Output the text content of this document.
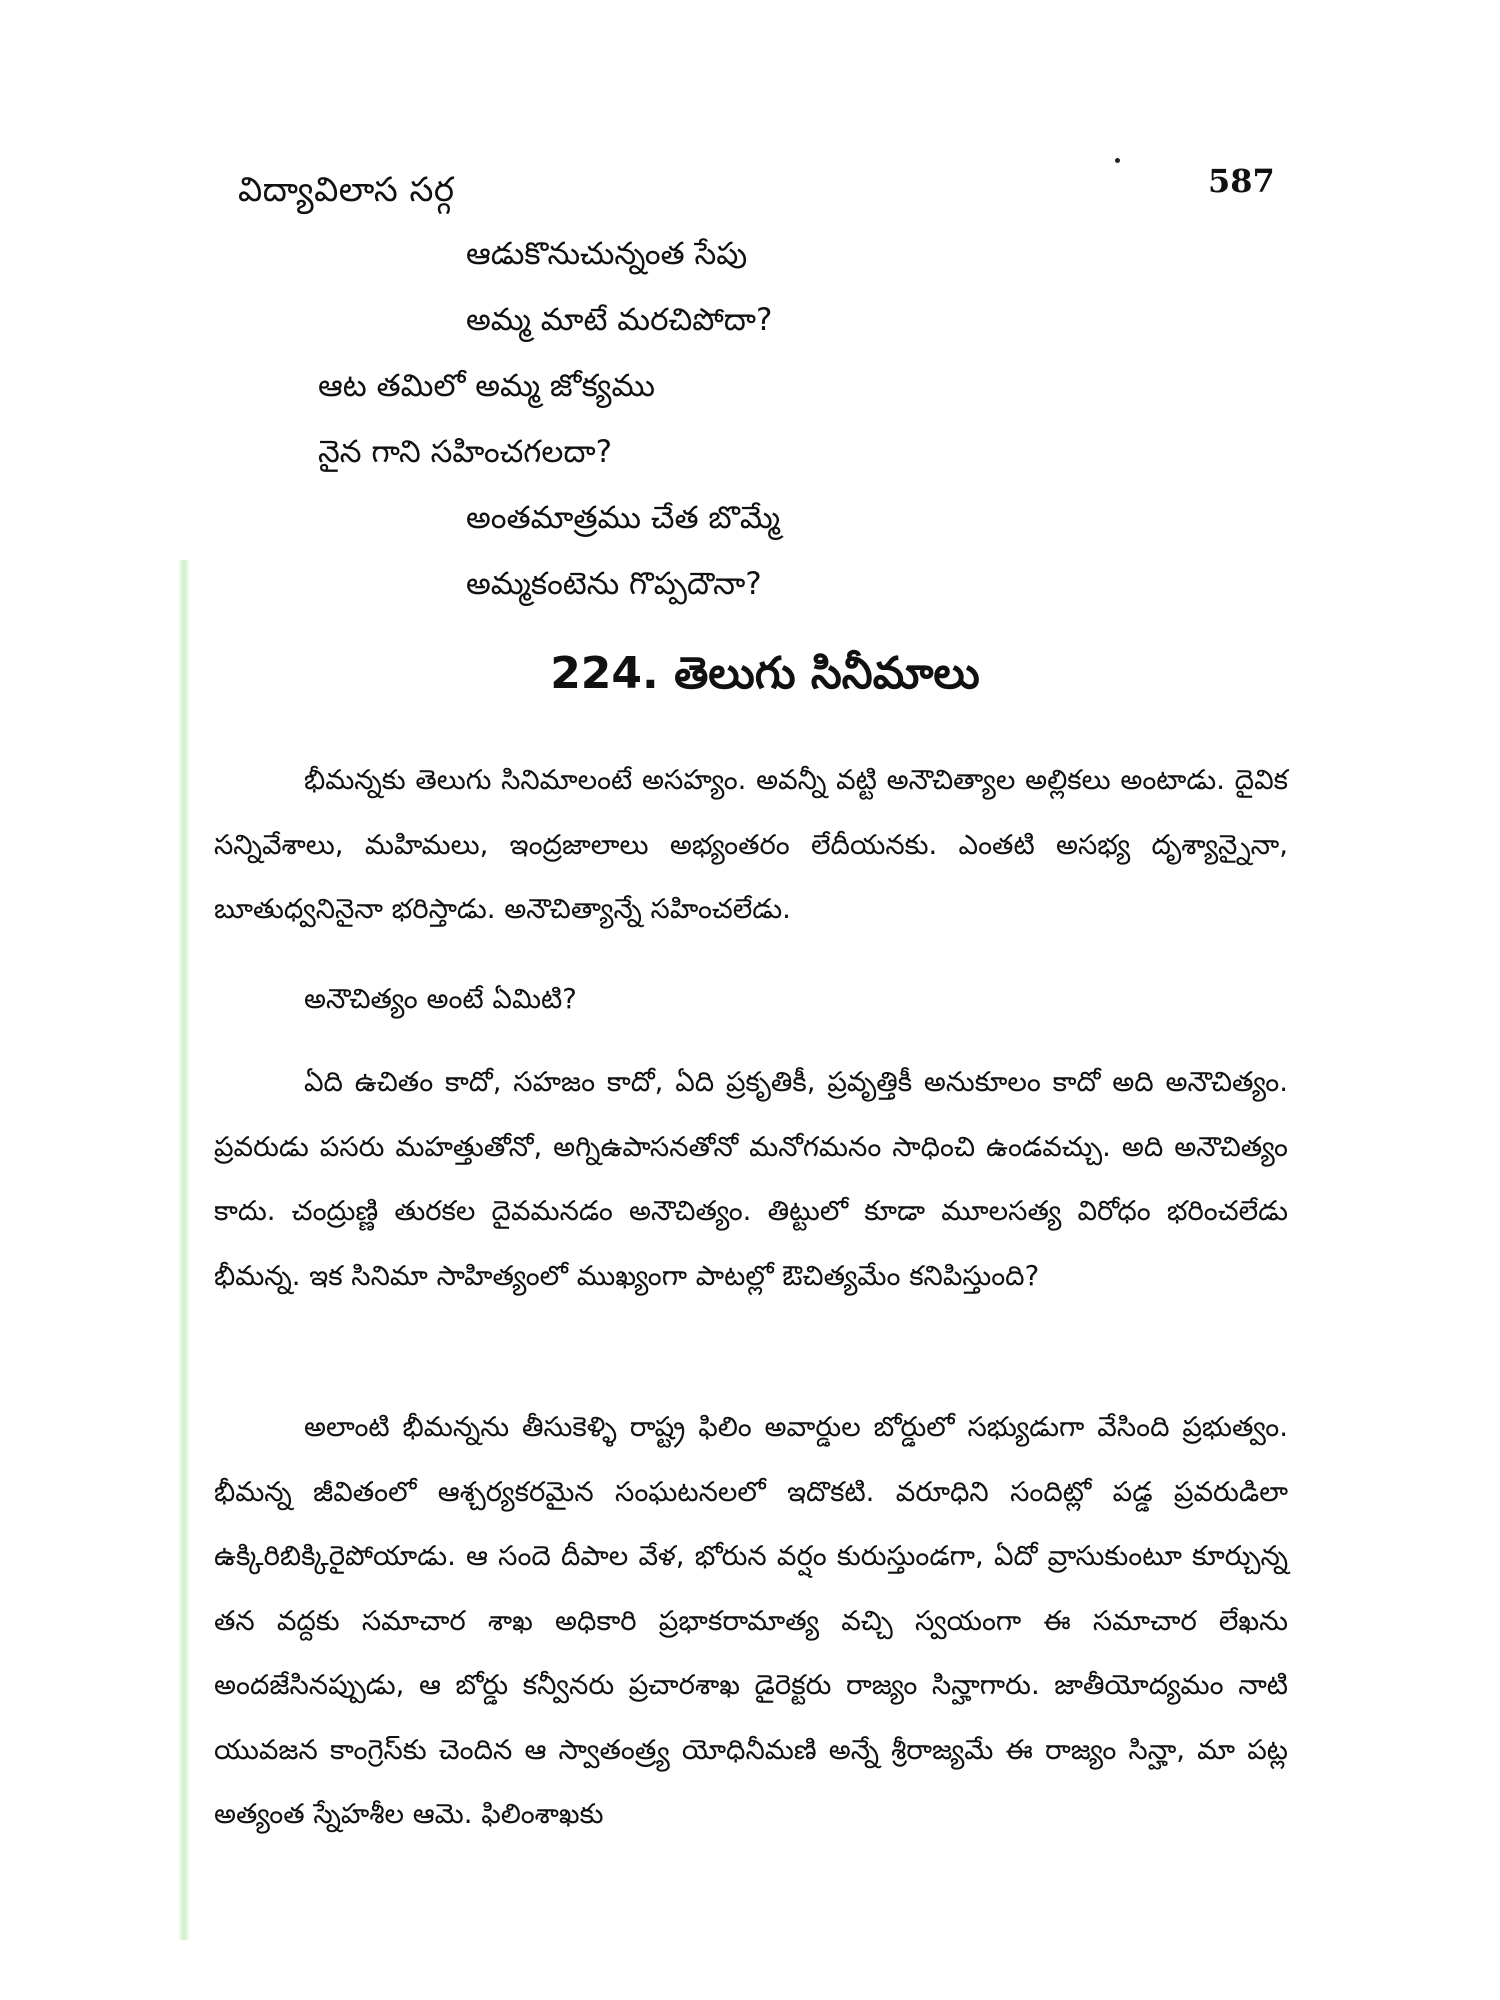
విద్యావిలాస సర్గ	587
ఆడుకొనుచున్నంత సేపు
అమ్మ మాటే మరచిపోదా?
ఆట తమిలో అమ్మ జోక్యము
నైన గాని సహించగలదా?
అంతమాత్రము చేత బొమ్మే
అమ్మకంటెను గొప్పదౌనా?
224. తెలుగు సినీమాలు
భీమన్నకు తెలుగు సినిమాలంటే అసహ్యం. అవన్నీ వట్టి అనౌచిత్యాల అల్లికలు అంటాడు. దైవిక సన్నివేశాలు, మహిమలు, ఇంద్రజాలాలు అభ్యంతరం లేదీయనకు. ఎంతటి అసభ్య దృశ్యాన్నైనా, బూతుధ్వనినైనా భరిస్తాడు. అనౌచిత్యాన్నే సహించలేడు.
అనౌచిత్యం అంటే ఏమిటి?
ఏది ఉచితం కాదో, సహజం కాదో, ఏది ప్రకృతికీ, ప్రవృత్తికీ అనుకూలం కాదో అది అనౌచిత్యం. ప్రవరుడు పసరు మహత్తుతోనో, అగ్నిఉపాసనతోనో మనోగమనం సాధించి ఉండవచ్చు. అది అనౌచిత్యం కాదు. చంద్రుణ్ణి తురకల దైవమనడం అనౌచిత్యం. తిట్టులో కూడా మూలసత్య విరోధం భరించలేడు భీమన్న. ఇక సినిమా సాహిత్యంలో ముఖ్యంగా పాటల్లో ఔచిత్యమేం కనిపిస్తుంది?
అలాంటి భీమన్నను తీసుకెళ్ళి రాష్ట్ర ఫిలిం అవార్డుల బోర్డులో సభ్యుడుగా వేసింది ప్రభుత్వం. భీమన్న జీవితంలో ఆశ్చర్యకరమైన సంఘటనలలో ఇదొకటి. వరూధిని సందిట్లో పడ్డ ప్రవరుడిలా ఉక్కిరిబిక్కిరైపోయాడు. ఆ సందె దీపాల వేళ, భోరున వర్షం కురుస్తుండగా, ఏదో వ్రాసుకుంటూ కూర్చున్న తన వద్దకు సమాచార శాఖ అధికారి ప్రభాకరామాత్య వచ్చి స్వయంగా ఈ సమాచార లేఖను అందజేసినప్పుడు, ఆ బోర్డు కన్వీనరు ప్రచారశాఖ డైరెక్టరు రాజ్యం సిన్హాగారు. జాతీయోద్యమం నాటి యువజన కాంగ్రెస్‌కు చెందిన ఆ స్వాతంత్ర్య యోధినీమణి అన్నే శ్రీరాజ్యమే ఈ రాజ్యం సిన్హా, మా పట్ల అత్యంత స్నేహశీల ఆమె. ఫిలింశాఖకు
